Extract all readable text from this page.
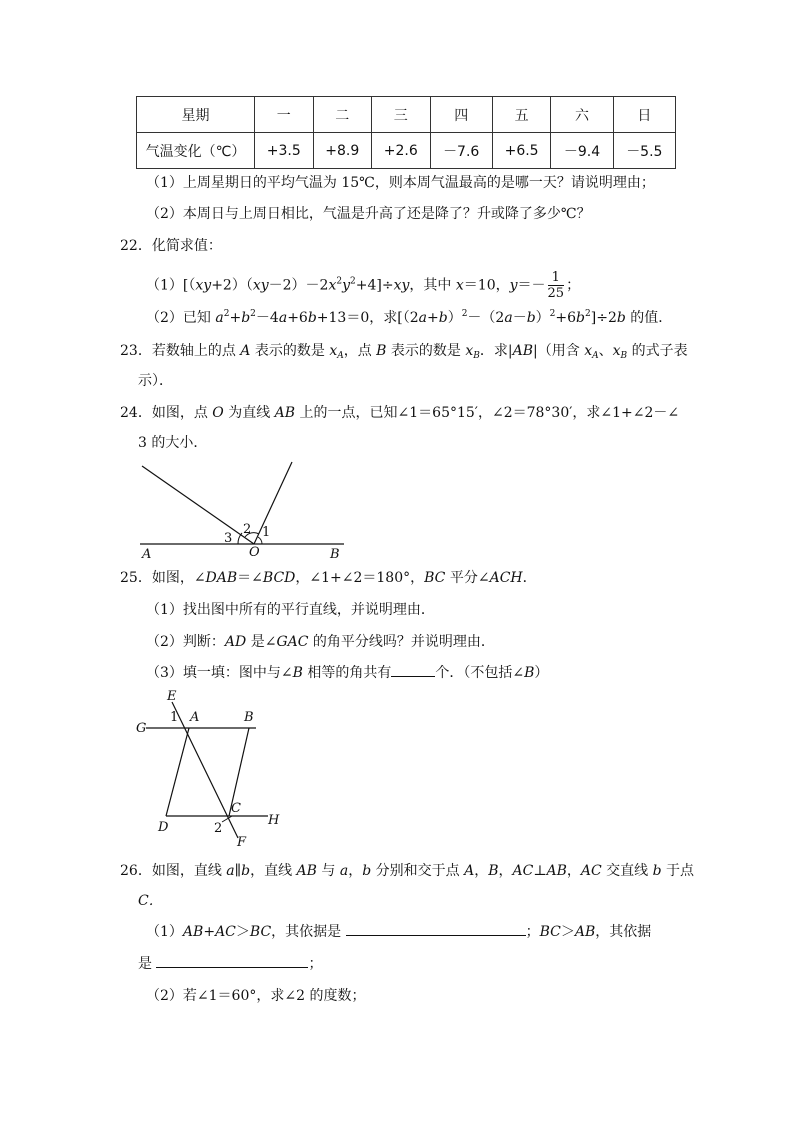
星期	一	二	三	四	五	六	日
气温变化（℃）	+3.5	+8.9	+2.6	－7.6	+6.5	－9.4	－5.5
（1）上周星期日的平均气温为 15℃，则本周气温最高的是哪一天？请说明理由；
（2）本周日与上周日相比，气温是升高了还是降了？升或降了多少℃？
22．化简求值：
$(1)[(xy+2)(xy-2)-2x^2y^2+4]\div xy$，其中 x＝10，$y=- \frac{1}{25}$ ；
（2）已知 $a^2+b^2-4a+6b+13=0$，求$[(2a+b)^2-(2a-b)^2+6b^2]\div 2b$ 的值．
23．若数轴上的点 A 表示的数是 $x_A$，点 B 表示的数是 $x_B$．求|AB|（用含 $x_A$、$x_B$ 的式子表
示）．
24．如图，点 O 为直线 AB 上的一点，已知∠1＝65°15′，∠2＝78°30′，求∠1+∠2－∠
3 的大小．
A	O	B
1
2
3
25．如图，∠DAB＝∠BCD，∠1+∠2＝180°，BC 平分∠ACH．
（1）找出图中所有的平行直线，并说明理由．
（2）判断：AD 是∠GAC 的角平分线吗？并说明理由．
（3）填一填：图中与∠B 相等的角共有	个．（不包括∠B）
E
G
A	B
1
C
D	2
H
F
26．如图，直线 a∥b，直线 AB 与 a，b 分别和交于点 A，B，AC⊥AB，AC 交直线 b 于点
C．
（1）AB+AC＞BC，其依据是	；BC＞AB，其依据
是	；
（2）若∠1＝60°，求∠2 的度数；
